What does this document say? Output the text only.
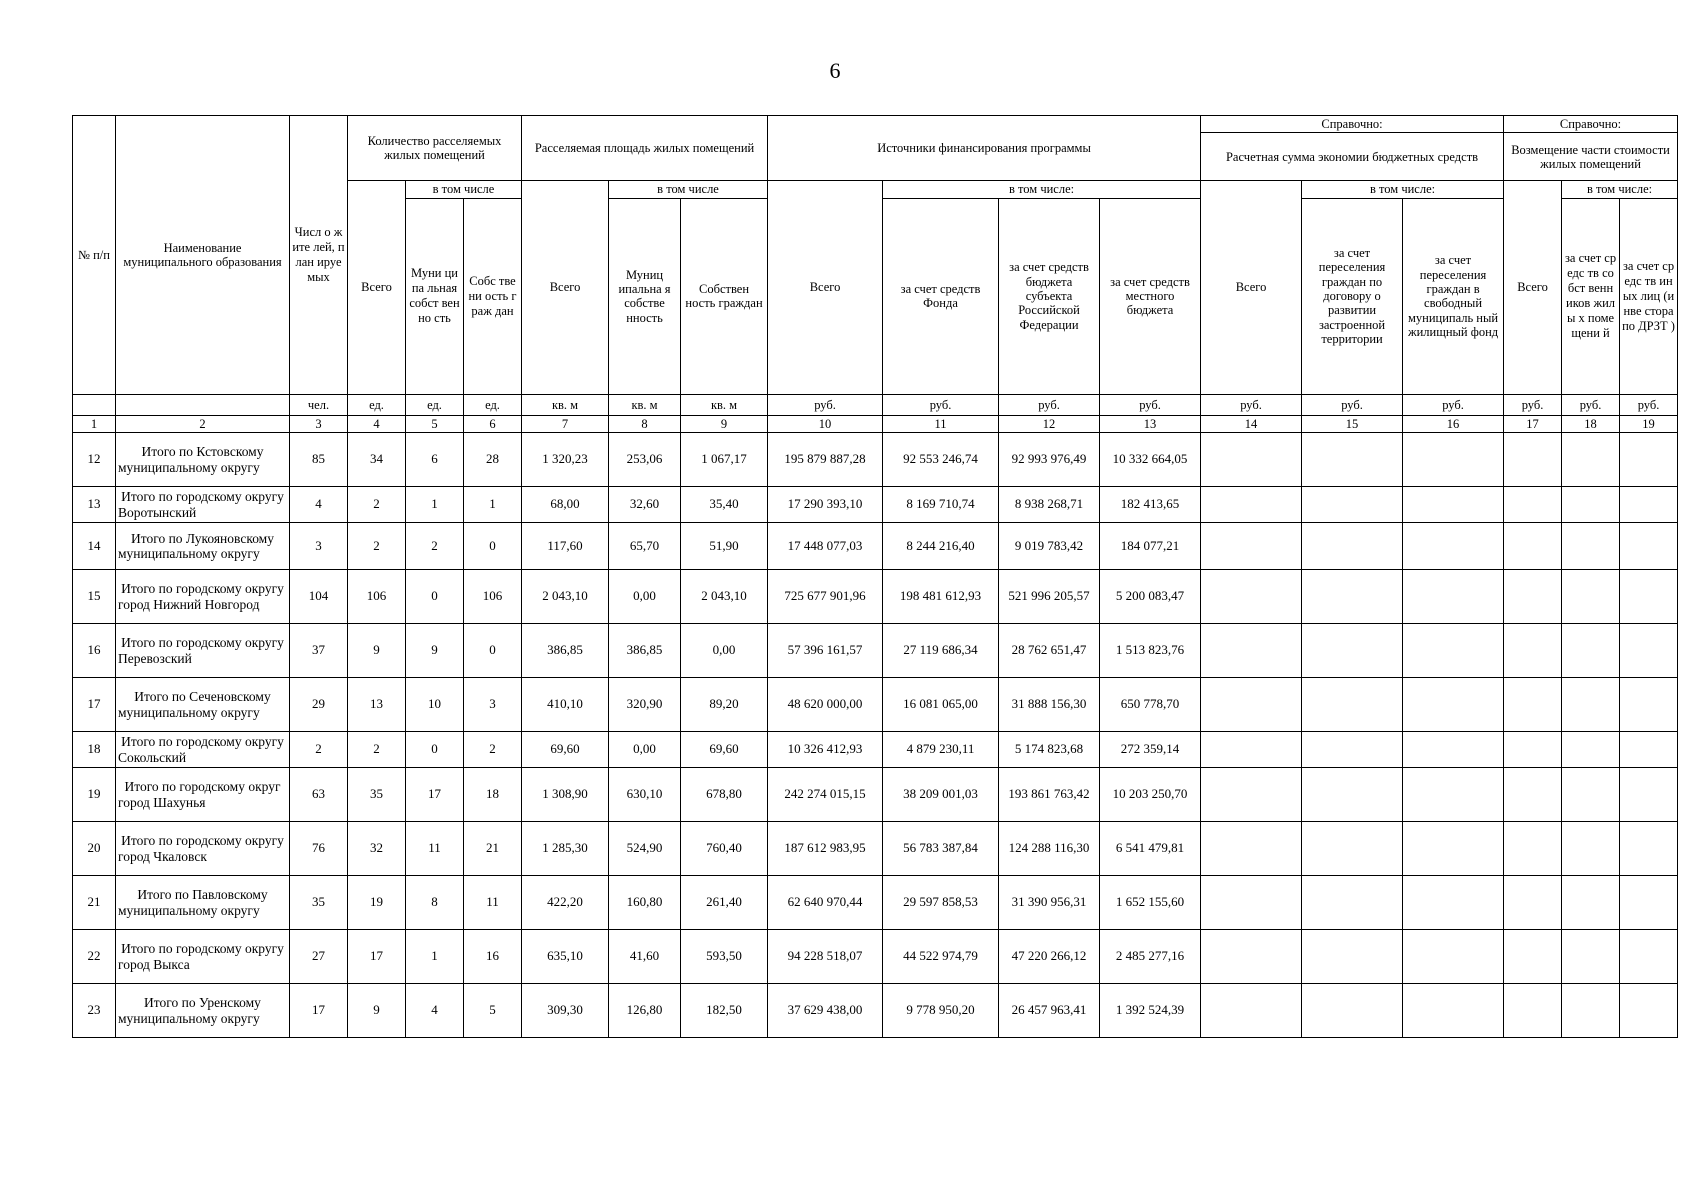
6
№ п/п	Наименование муниципального образования	Числ о жите лей, план ируе мых	Количество расселяемых жилых помещений			Расселяемая площадь жилых помещений			Источники финансирования программы				Справочно:			Справочно:		
													Расчетная сумма экономии бюджетных средств			Возмещение части стоимости жилых помещений		
			Всего	в том числе		Всего	в том числе		Всего	в том числе:			Всего	в том числе:		Всего	в том числе:	
				Муни ципа льная собст венно сть	Собс твени ость граж дан		Муниц ипальна я собстве нность	Собствен ность граждан		за счет средств Фонда	за счет средств бюджета субъекта Российской Федерации	за счет средств местного бюджета		за счет переселения граждан по договору о развитии застроенной территории	за счет переселения граждан в свободный муниципаль ный жилищный фонд		за счет средс тв собст венн иков жилы х поме щени й	за счет средс тв иных лиц (инве стора по ДРЗТ )
		чел.	ед.	ед.	ед.	кв. м	кв. м	кв. м	руб.	руб.	руб.	руб.	руб.	руб.	руб.	руб.	руб.	руб.
1	2	3	4	5	6	7	8	9	10	11	12	13	14	15	16	17	18	19
12	Итого по Кстовскому муниципальному округу	85	34	6	28	1 320,23	253,06	1 067,17	195 879 887,28	92 553 246,74	92 993 976,49	10 332 664,05						
13	Итого по городскому округу Воротынский	4	2	1	1	68,00	32,60	35,40	17 290 393,10	8 169 710,74	8 938 268,71	182 413,65						
14	Итого по Лукояновскому муниципальному округу	3	2	2	0	117,60	65,70	51,90	17 448 077,03	8 244 216,40	9 019 783,42	184 077,21						
15	Итого по городскому округу город Нижний Новгород	104	106	0	106	2 043,10	0,00	2 043,10	725 677 901,96	198 481 612,93	521 996 205,57	5 200 083,47						
16	Итого по городскому округу Перевозский	37	9	9	0	386,85	386,85	0,00	57 396 161,57	27 119 686,34	28 762 651,47	1 513 823,76						
17	Итого по Сеченовскому муниципальному округу	29	13	10	3	410,10	320,90	89,20	48 620 000,00	16 081 065,00	31 888 156,30	650 778,70						
18	Итого по городскому округу Сокольский	2	2	0	2	69,60	0,00	69,60	10 326 412,93	4 879 230,11	5 174 823,68	272 359,14						
19	Итого по городскому округ город Шахунья	63	35	17	18	1 308,90	630,10	678,80	242 274 015,15	38 209 001,03	193 861 763,42	10 203 250,70						
20	Итого по городскому округу город Чкаловск	76	32	11	21	1 285,30	524,90	760,40	187 612 983,95	56 783 387,84	124 288 116,30	6 541 479,81						
21	Итого по Павловскому муниципальному округу	35	19	8	11	422,20	160,80	261,40	62 640 970,44	29 597 858,53	31 390 956,31	1 652 155,60						
22	Итого по городскому округу город Выкса	27	17	1	16	635,10	41,60	593,50	94 228 518,07	44 522 974,79	47 220 266,12	2 485 277,16						
23	Итого по Уренскому муниципальному округу	17	9	4	5	309,30	126,80	182,50	37 629 438,00	9 778 950,20	26 457 963,41	1 392 524,39						
